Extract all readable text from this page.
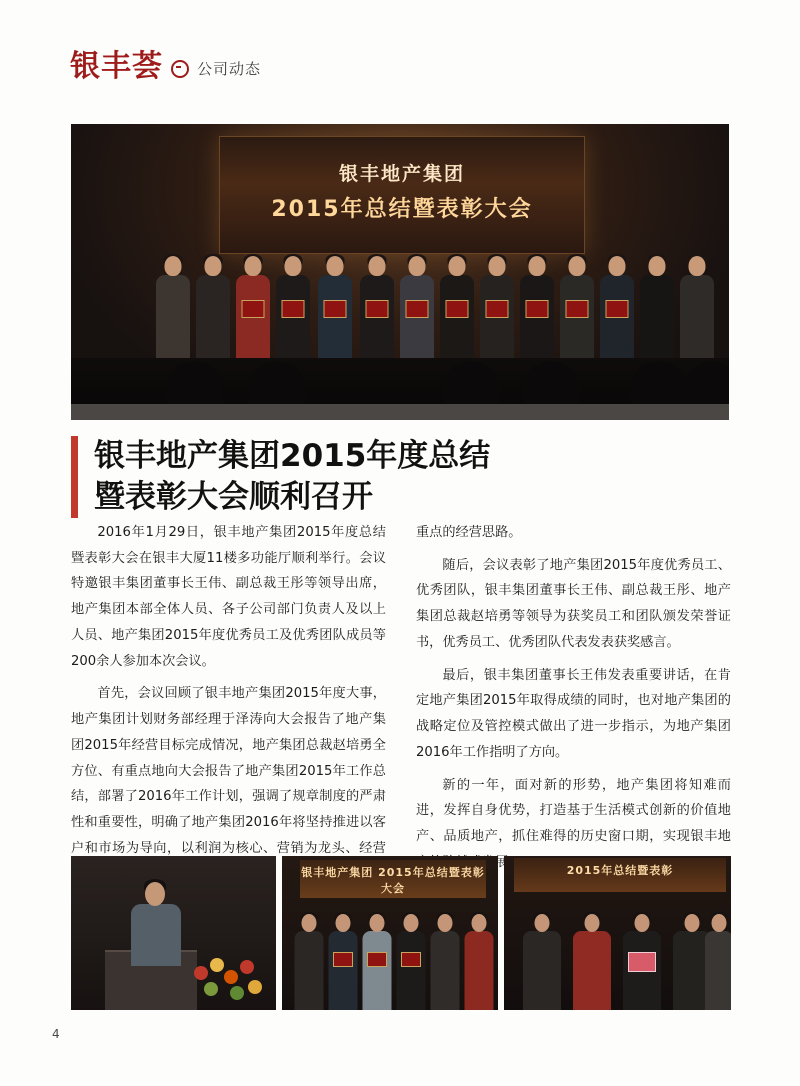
银丰荟 ○ 公司动态
银丰地产集团
2015年总结暨表彰大会
银丰地产集团2015年度总结
暨表彰大会顺利召开

2016年1月29日，银丰地产集团2015年度总结暨表彰大会在银丰大厦11楼多功能厅顺利举行。会议特邀银丰集团董事长王伟、副总裁王彤等领导出席，地产集团本部全体人员、各子公司部门负责人及以上人员、地产集团2015年度优秀员工及优秀团队成员等200余人参加本次会议。

首先，会议回顾了银丰地产集团2015年度大事，地产集团计划财务部经理于泽涛向大会报告了地产集团2015年经营目标完成情况，地产集团总裁赵培勇全方位、有重点地向大会报告了地产集团2015年工作总结，部署了2016年工作计划，强调了规章制度的严肃性和重要性，明确了地产集团2016年将坚持推进以客户和市场为导向，以利润为核心、营销为龙头、经营

重点的经营思路。

随后，会议表彰了地产集团2015年度优秀员工、优秀团队，银丰集团董事长王伟、副总裁王彤、地产集团总裁赵培勇等领导为获奖员工和团队颁发荣誉证书，优秀员工、优秀团队代表发表获奖感言。

最后，银丰集团董事长王伟发表重要讲话，在肯定地产集团2015年取得成绩的同时，也对地产集团的战略定位及管控模式做出了进一步指示，为地产集团2016年工作指明了方向。

新的一年，面对新的形势，地产集团将知难而进，发挥自身优势，打造基于生活模式创新的价值地产、品质地产，抓住难得的历史窗口期，实现银丰地 发展。

银丰地产集团 2015年总结暨表彰大会
2015年总结暨表彰
4
